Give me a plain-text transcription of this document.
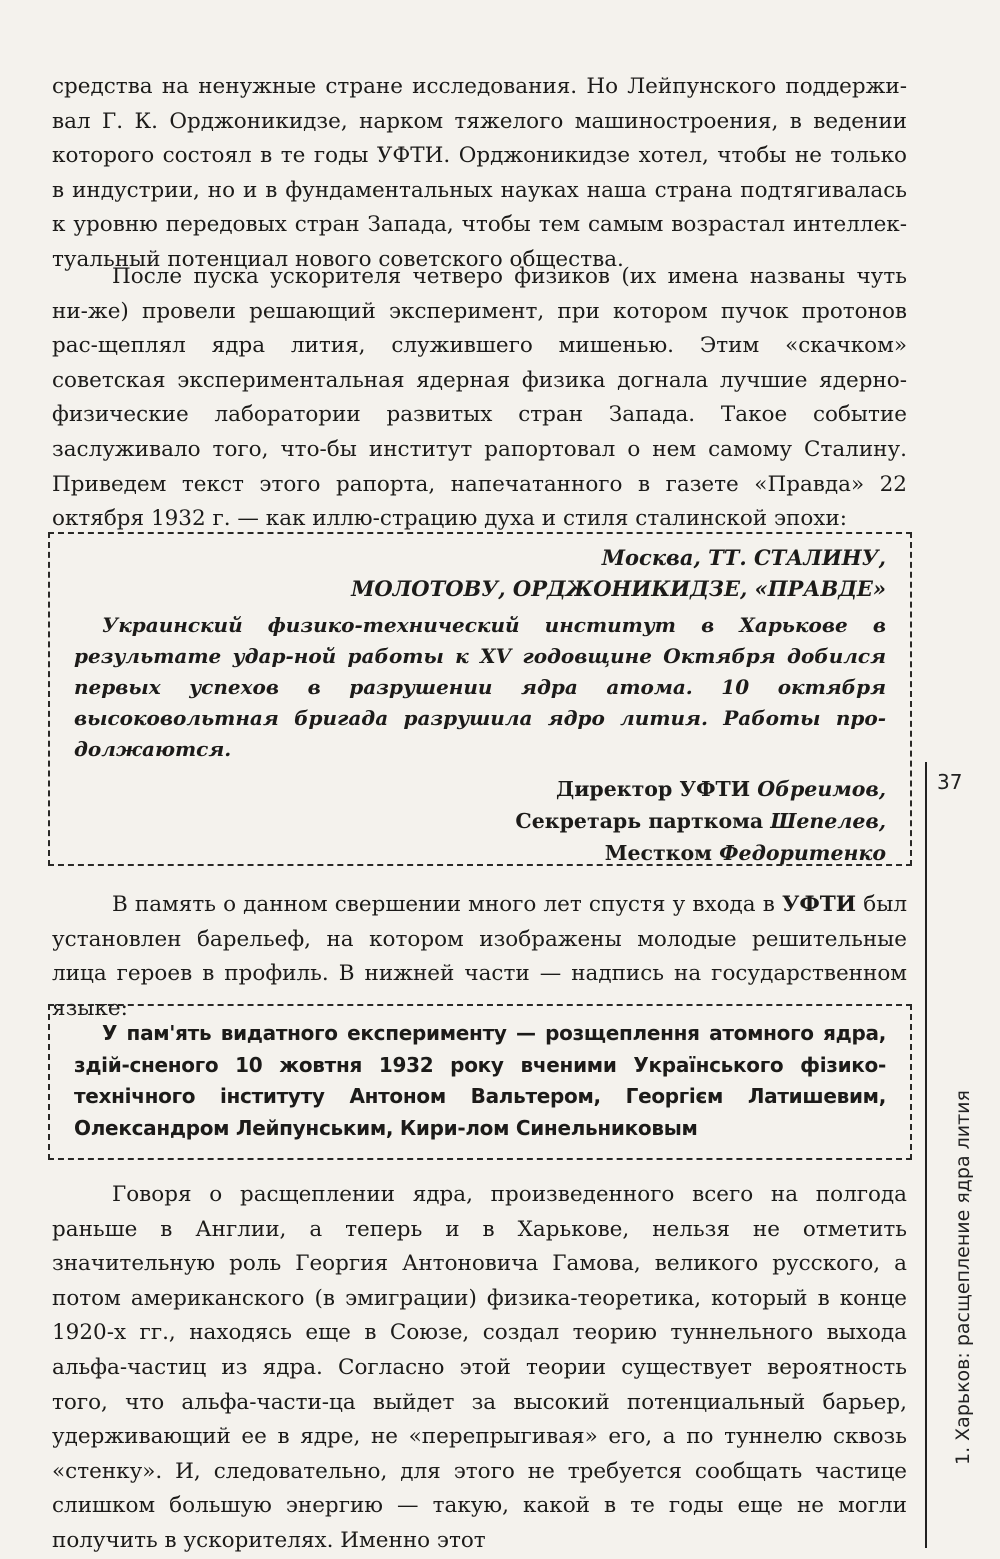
средства на ненужные стране исследования. Но Лейпунского поддержи-вал Г. К. Орджоникидзе, нарком тяжелого машиностроения, в ведении которого состоял в те годы УФТИ. Орджоникидзе хотел, чтобы не только в индустрии, но и в фундаментальных науках наша страна подтягивалась к уровню передовых стран Запада, чтобы тем самым возрастал интеллек-туальный потенциал нового советского общества.

После пуска ускорителя четверо физиков (их имена названы чуть ни-же) провели решающий эксперимент, при котором пучок протонов рас-щеплял ядра лития, служившего мишенью. Этим «скачком» советская экспериментальная ядерная физика догнала лучшие ядерно-физические лаборатории развитых стран Запада. Такое событие заслуживало того, что-бы институт рапортовал о нем самому Сталину. Приведем текст этого рапорта, напечатанного в газете «Правда» 22 октября 1932 г. — как иллю-страцию духа и стиля сталинской эпохи:

Москва, ТТ. СТАЛИНУ,

МОЛОТОВУ, ОРДЖОНИКИДЗЕ, «ПРАВДЕ»

Украинский физико-технический институт в Харькове в результате удар-ной работы к XV годовщине Октября добился первых успехов в разрушении ядра атома. 10 октября высоковольтная бригада разрушила ядро лития. Работы про-должаются.

Директор УФТИ Обреимов,
Секретарь парткома Шепелев,
Местком Федоритенко

В память о данном свершении много лет спустя у входа в УФТИ был установлен барельеф, на котором изображены молодые решительные лица героев в профиль. В нижней части — надпись на государственном языке:

У пам'ять видатного експерименту — розщеплення атомного ядра, здій-сненого 10 жовтня 1932 року вченими Українського фізико-технічного інституту Антоном Вальтером, Георгієм Латишевим, Олександром Лейпунським, Кири-лом Синельниковым

Говоря о расщеплении ядра, произведенного всего на полгода раньше в Англии, а теперь и в Харькове, нельзя не отметить значительную роль Георгия Антоновича Гамова, великого русского, а потом американского (в эмиграции) физика-теоретика, который в конце 1920-х гг., находясь еще в Союзе, создал теорию туннельного выхода альфа-частиц из ядра. Согласно этой теории существует вероятность того, что альфа-части-ца выйдет за высокий потенциальный барьер, удерживающий ее в ядре, не «перепрыгивая» его, а по туннелю сквозь «стенку». И, следовательно, для этого не требуется сообщать частице слишком большую энергию — такую, какой в те годы еще не могли получить в ускорителях. Именно этот

37
1. Харьков: расщепление ядра лития
